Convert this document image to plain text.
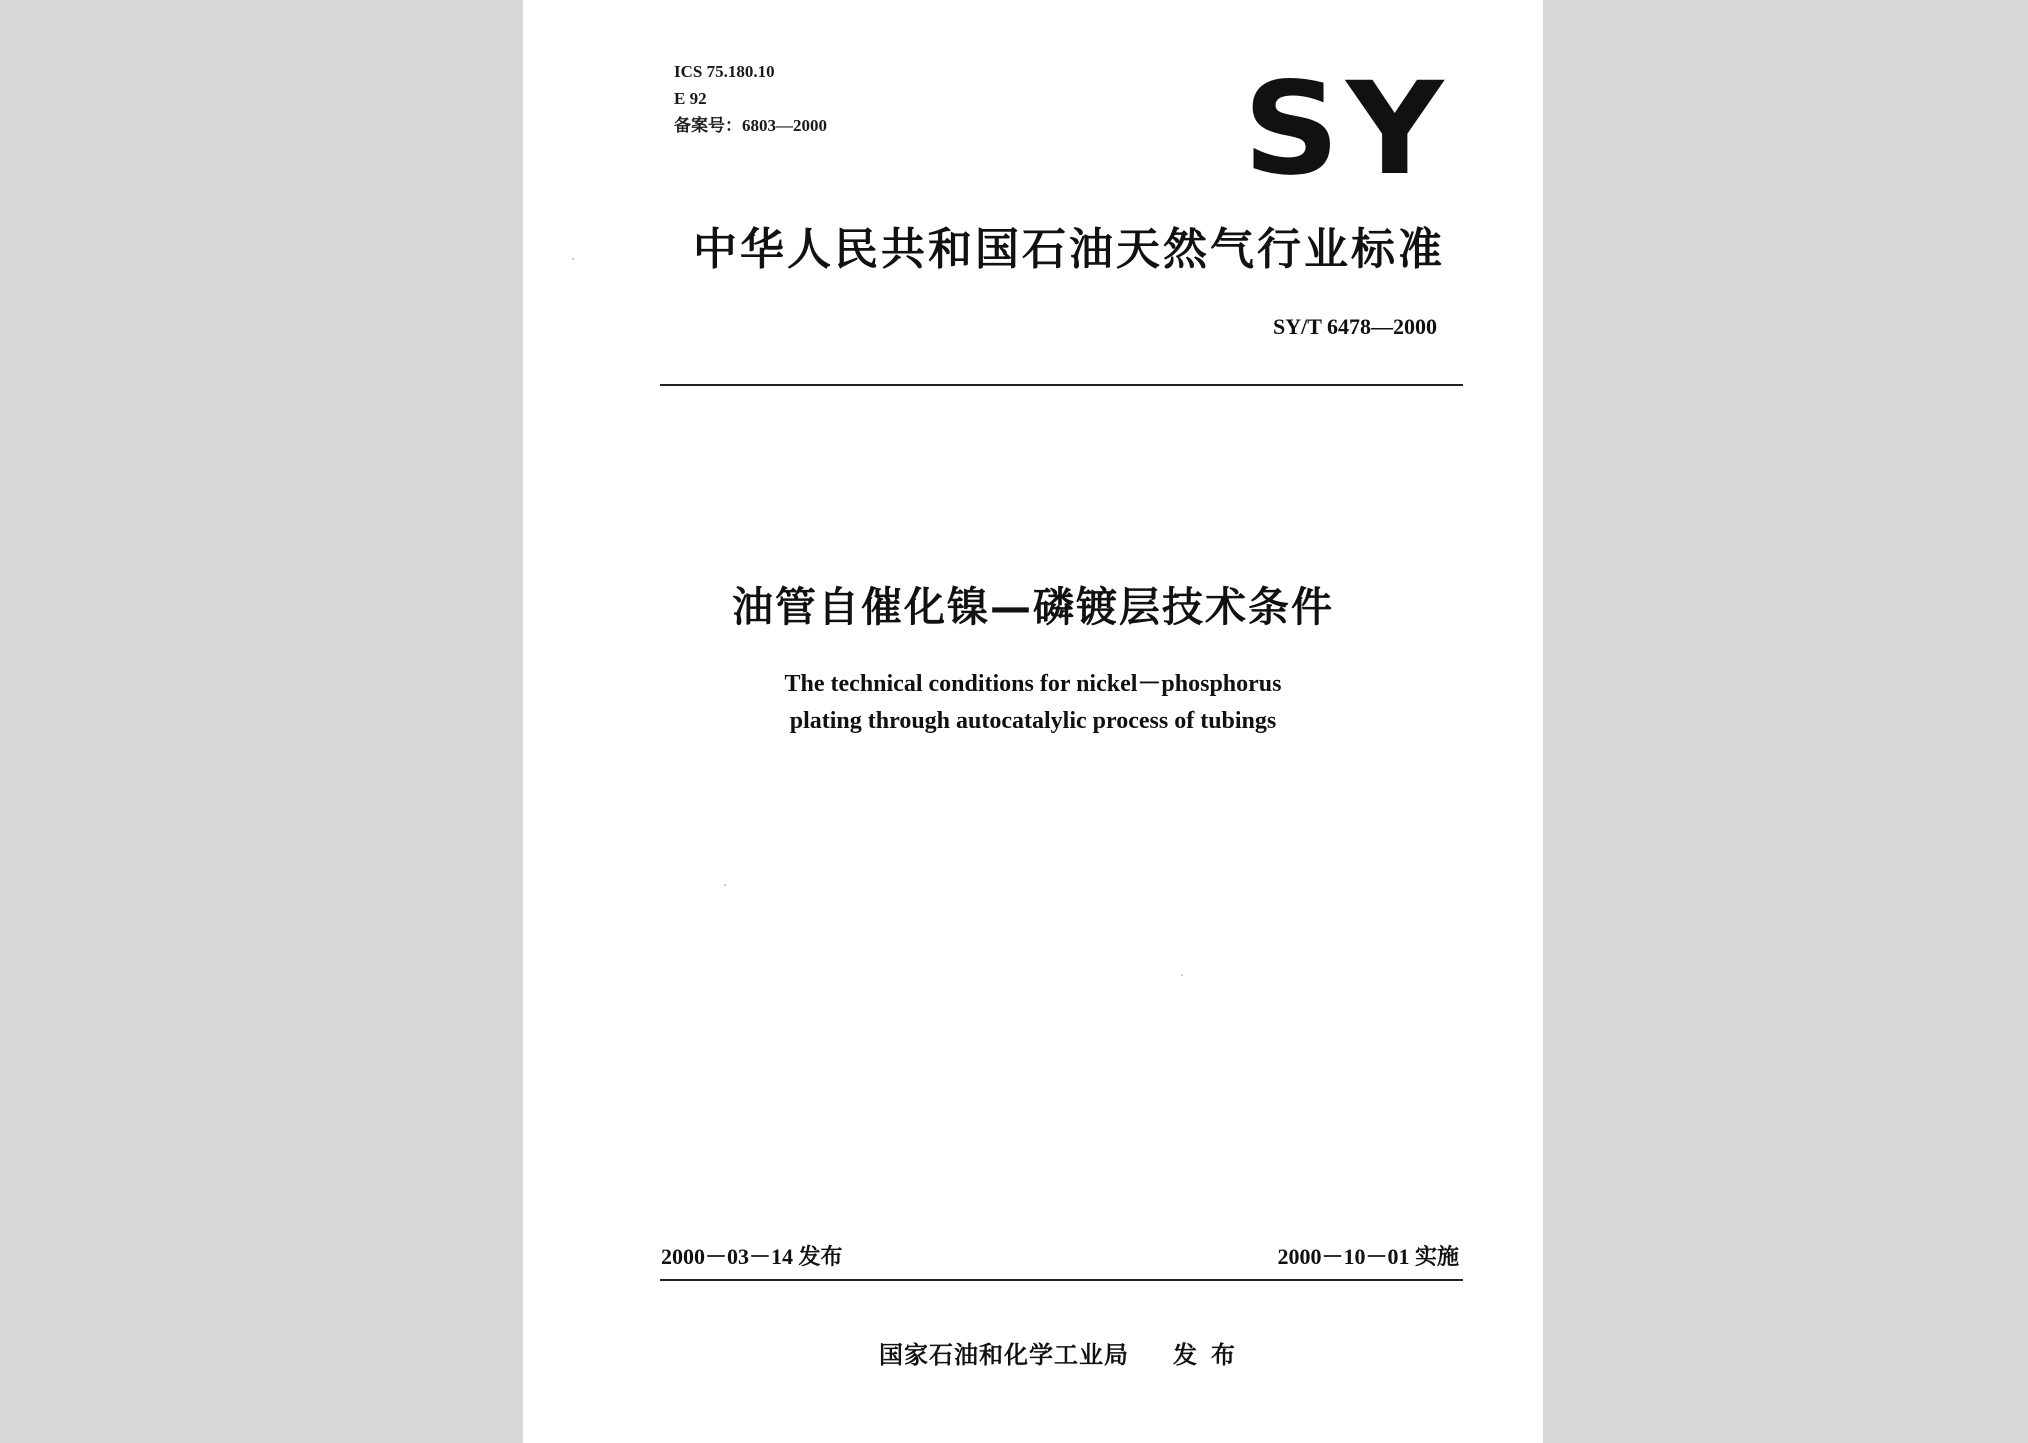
ICS 75.180.10
E 92
备案号：6803—2000	SY
中华人民共和国石油天然气行业标准
SY/T 6478—2000
油管自催化镍—磷镀层技术条件
The technical conditions for nickel－phosphorus
plating through autocatalylic process of tubings
2000－03－14 发布	2000－10－01 实施
国家石油和化学工业局 发布
